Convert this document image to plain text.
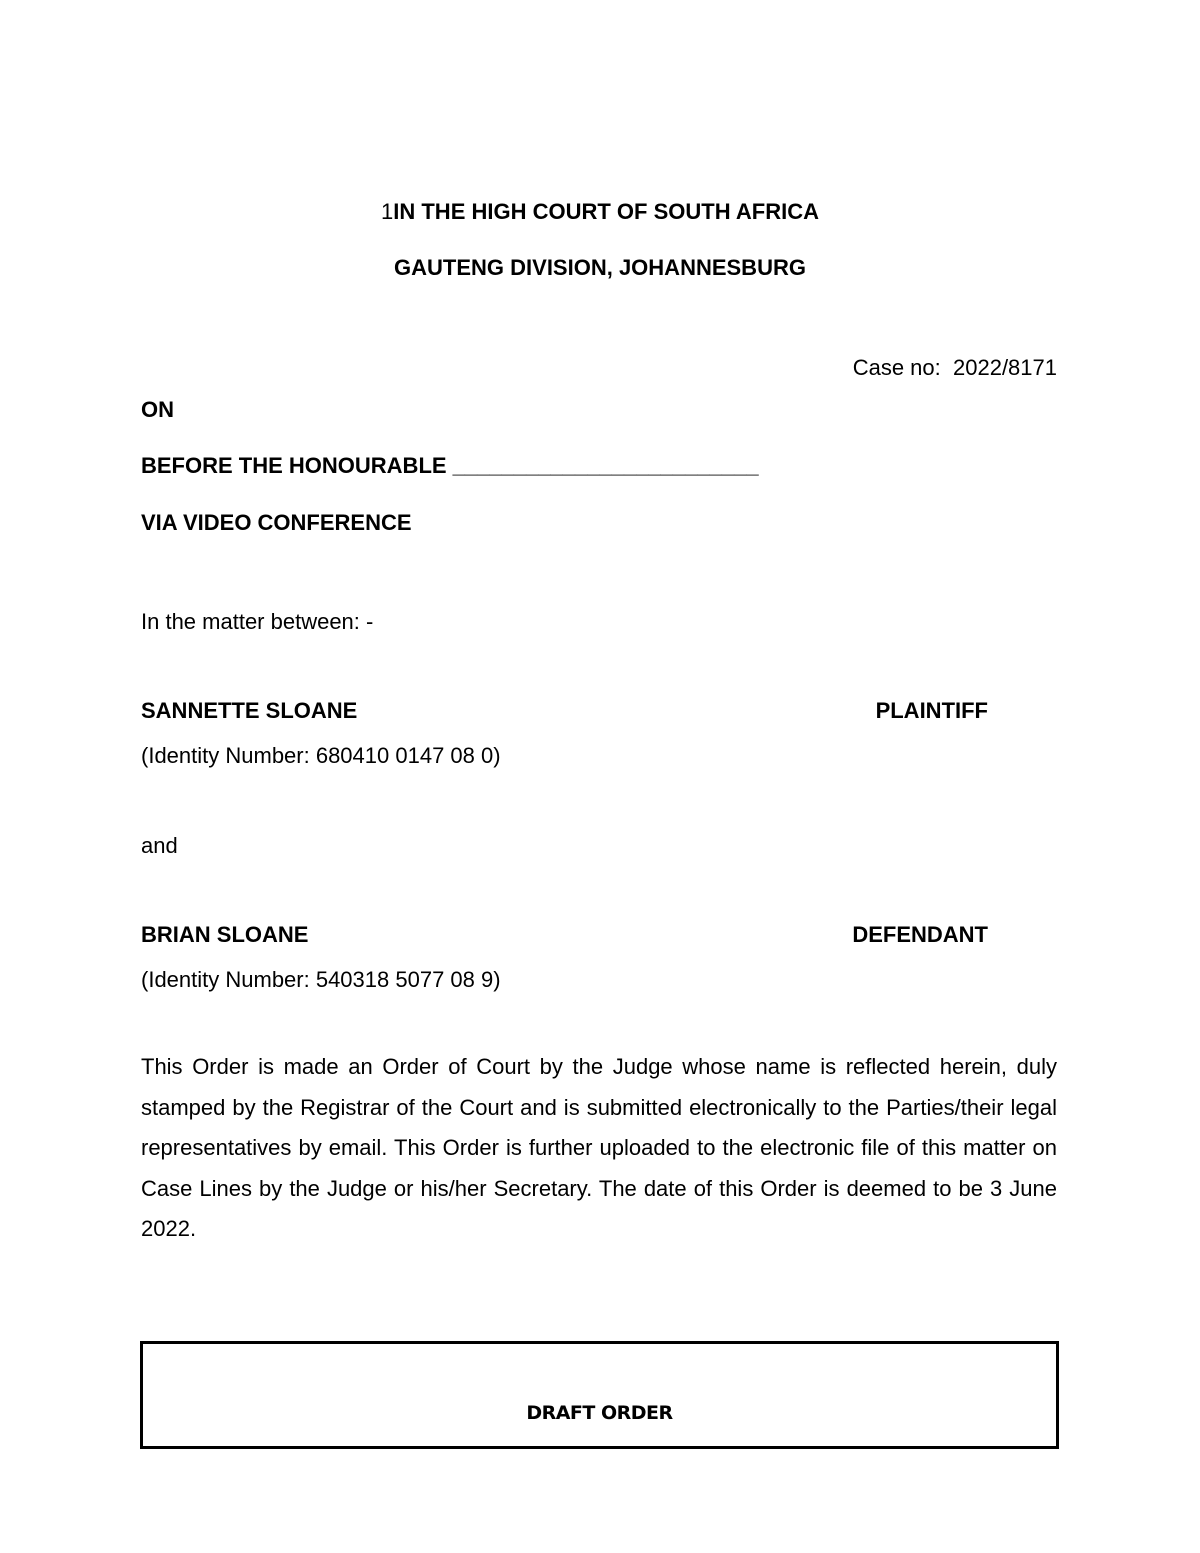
1IN THE HIGH COURT OF SOUTH AFRICA
GAUTENG DIVISION, JOHANNESBURG
Case no: 2022/8171
ON
BEFORE THE HONOURABLE _________________________
VIA VIDEO CONFERENCE
In the matter between: -
SANNETTE SLOANE	PLAINTIFF
(Identity Number: 680410 0147 08 0)
and
BRIAN SLOANE	DEFENDANT
(Identity Number: 540318 5077 08 9)
This Order is made an Order of Court by the Judge whose name is reflected herein, duly stamped by the Registrar of the Court and is submitted electronically to the Parties/their legal representatives by email. This Order is further uploaded to the electronic file of this matter on Case Lines by the Judge or his/her Secretary. The date of this Order is deemed to be 3 June 2022.
DRAFT ORDER
